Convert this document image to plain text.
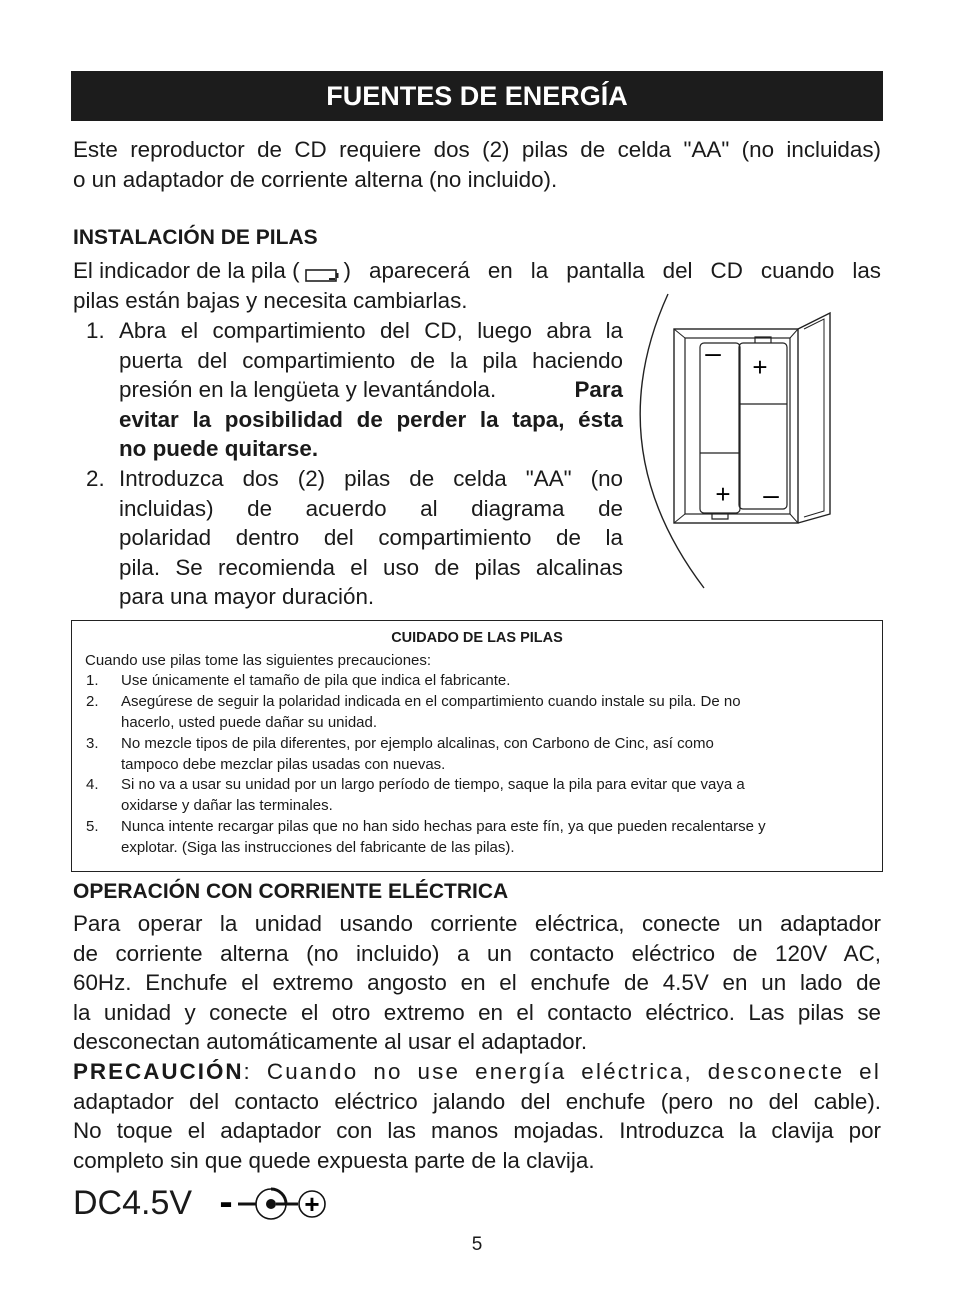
FUENTES DE ENERGÍA
Este reproductor de CD requiere dos (2) pilas de celda "AA" (no incluidas)
o un adaptador de corriente alterna (no incluido).
INSTALACIÓN DE PILAS
El indicador de la pila ( ) aparecerá en la pantalla del CD cuando las
pilas están bajas y necesita cambiarlas.
1. Abra el compartimiento del CD, luego abra la
puerta del compartimiento de la pila haciendo
presión en la lengüeta y levantándola.	Para
evitar la posibilidad de perder la tapa, ésta
no puede quitarse.
2. Introduzca dos (2) pilas de celda "AA" (no
incluidas) de acuerdo al diagrama de
polaridad dentro del compartimiento de la
pila. Se recomienda el uso de pilas alcalinas
para una mayor duración.
– +
+ –
CUIDADO DE LAS PILAS
Cuando use pilas tome las siguientes precauciones:
1. Use únicamente el tamaño de pila que indica el fabricante.
2. Asegúrese de seguir la polaridad indicada en el compartimiento cuando instale su pila. De no
hacerlo, usted puede dañar su unidad.
3. No mezcle tipos de pila diferentes, por ejemplo alcalinas, con Carbono de Cinc, así como
tampoco debe mezclar pilas usadas con nuevas.
4. Si no va a usar su unidad por un largo período de tiempo, saque la pila para evitar que vaya a
oxidarse y dañar las terminales.
5. Nunca intente recargar pilas que no han sido hechas para este fín, ya que pueden recalentarse y
explotar. (Siga las instrucciones del fabricante de las pilas).
OPERACIÓN CON CORRIENTE ELÉCTRICA
Para operar la unidad usando corriente eléctrica, conecte un adaptador
de corriente alterna (no incluido) a un contacto eléctrico de 120V AC,
60Hz. Enchufe el extremo angosto en el enchufe de 4.5V en un lado de
la unidad y conecte el otro extremo en el contacto eléctrico. Las pilas se
desconectan automáticamente al usar el adaptador.
PRECAUCIÓN : Cuando no use energía eléctrica, desconecte el
adaptador del contacto eléctrico jalando del enchufe (pero no del cable).
No toque el adaptador con las manos mojadas. Introduzca la clavija por
completo sin que quede expuesta parte de la clavija.
DC4.5V -	+
5
